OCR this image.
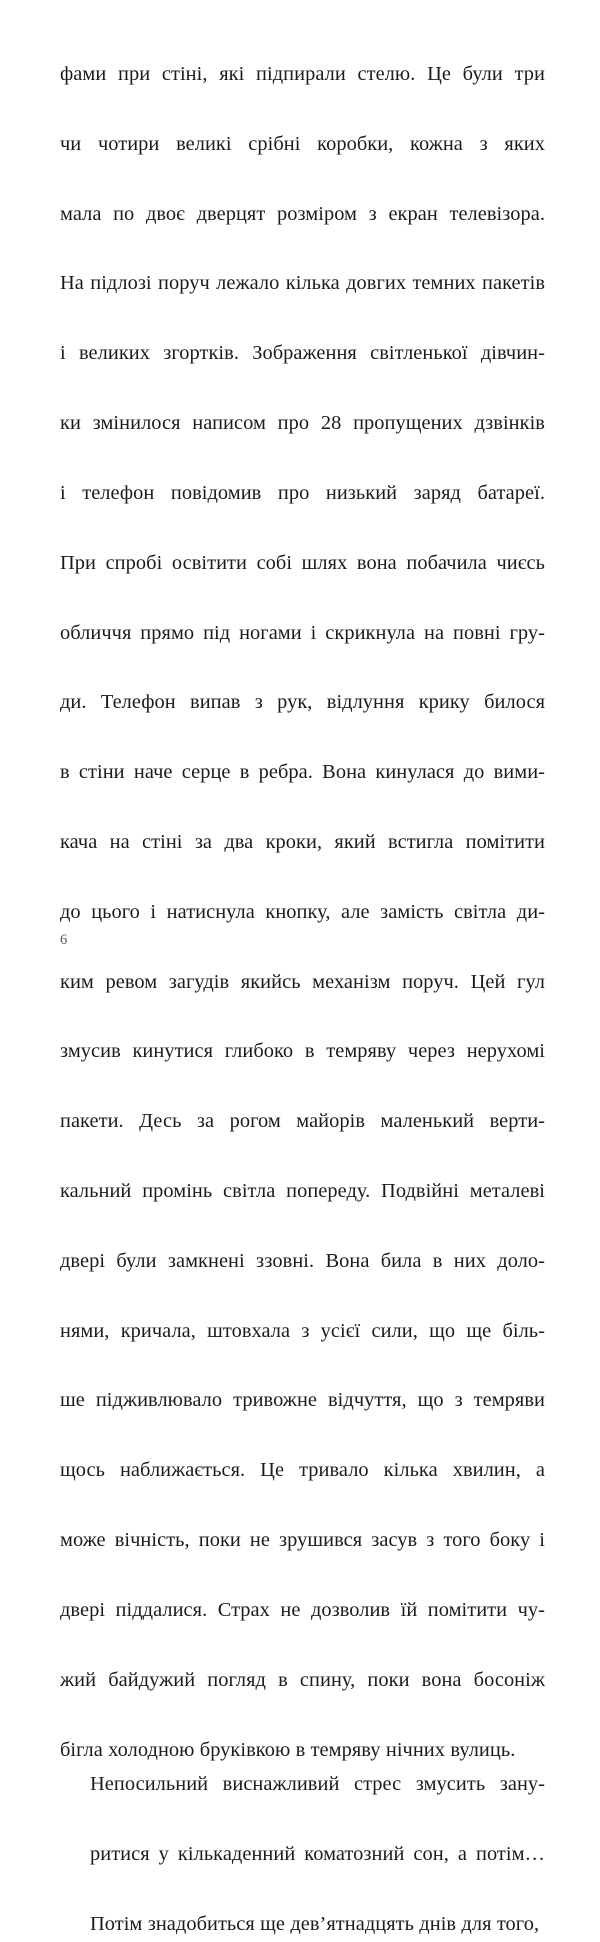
фами при стіні, які підпирали стелю. Це були три
чи чотири великі срібні коробки, кожна з яких
мала по двоє дверцят розміром з екран телевізора.
На підлозі поруч лежало кілька довгих темних пакетів
і великих згортків. Зображення світленької дівчин-
ки змінилося написом про 28 пропущених дзвінків
і телефон повідомив про низький заряд батареї.
При спробі освітити собі шлях вона побачила чиєсь
обличчя прямо під ногами і скрикнула на повні гру-
ди. Телефон випав з рук, відлуння крику билося
в стіни наче серце в ребра. Вона кинулася до вими-
кача на стіні за два кроки, який встигла помітити
до цього і натиснула кнопку, але замість світла ди-
ким ревом загудів якийсь механізм поруч. Цей гул
змусив кинутися глибоко в темряву через нерухомі
пакети. Десь за рогом майорів маленький верти-
кальний промінь світла попереду. Подвійні металеві
двері були замкнені ззовні. Вона била в них доло-
нями, кричала, штовхала з усієї сили, що ще біль-
ше підживлювало тривожне відчуття, що з темряви
щось наближається. Це тривало кілька хвилин, а
може вічність, поки не зрушився засув з того боку і
двері піддалися. Страх не дозволив їй помітити чу-
жий байдужий погляд в спину, поки вона босоніж
бігла холодною бруківкою в темряву нічних вулиць.

Непосильний виснажливий стрес змусить зану-
ритися у кількаденний коматозний сон, а потім…
Потім знадобиться ще дев’ятнадцять днів для того,

6
